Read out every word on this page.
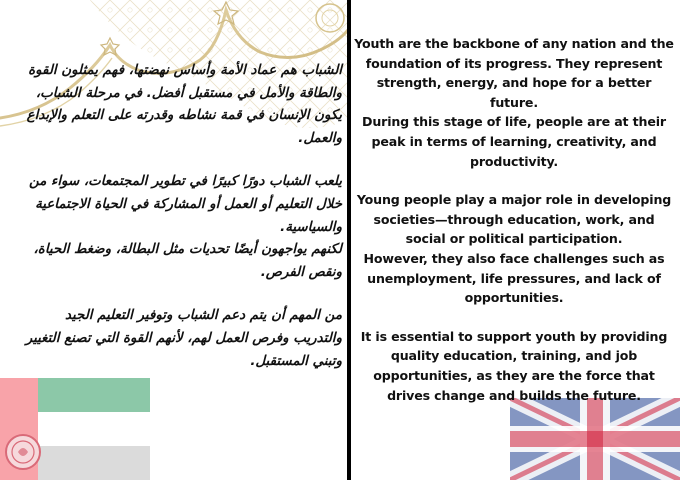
الشباب هم عماد الأمة وأساس نهضتها، فهم يمثلون القوة والطاقة والأمل في مستقبل أفضل. في مرحلة الشباب، يكون الإنسان في قمة نشاطه وقدرته على التعلم والإبداع والعمل.

يلعب الشباب دورًا كبيرًا في تطوير المجتمعات، سواء من خلال التعليم أو العمل أو المشاركة في الحياة الاجتماعية والسياسية.

لكنهم يواجهون أيضًا تحديات مثل البطالة، وضغط الحياة، ونقص الفرص.

من المهم أن يتم دعم الشباب وتوفير التعليم الجيد والتدريب وفرص العمل لهم، لأنهم القوة التي تصنع التغيير وتبني المستقبل.

Youth are the backbone of any nation and the foundation of its progress. They represent strength, energy, and hope for a better future.

During this stage of life, people are at their peak in terms of learning, creativity, and productivity.

Young people play a major role in developing societies—through education, work, and social or political participation.

However, they also face challenges such as unemployment, life pressures, and lack of opportunities.

It is essential to support youth by providing quality education, training, and job opportunities, as they are the force that drives change and builds the future.
